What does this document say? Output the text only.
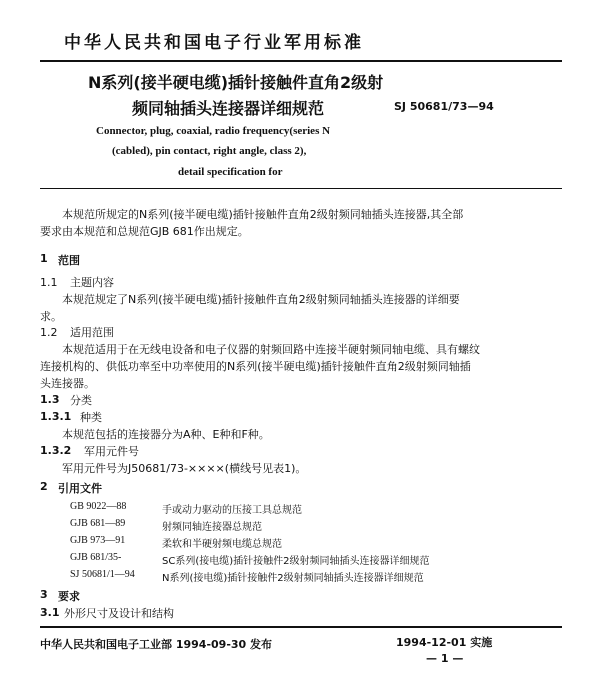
中华人民共和国电子行业军用标准
N系列(接半硬电缆)插针接触件直角2级射
频同轴插头连接器详细规范	SJ 50681/73—94
Connector, plug, coaxial, radio frequency(series N
(cabled), pin contact, right angle, class 2),
detail specification for
本规范所规定的N系列(接半硬电缆)插针接触件直角2级射频同轴插头连接器,其全部
要求由本规范和总规范GJB 681作出规定。
1 范围
1.1 主题内容
本规范规定了N系列(接半硬电缆)插针接触件直角2级射频同轴插头连接器的详细要
求。
1.2 适用范围
本规范适用于在无线电设备和电子仪器的射频回路中连接半硬射频同轴电缆、具有螺纹
连接机构的、供低功率至中功率使用的N系列(接半硬电缆)插针接触件直角2级射频同轴插
头连接器。
1.3 分类
1.3.1 种类
本规范包括的连接器分为A种、E种和F种。
1.3.2 军用元件号
军用元件号为J50681/73-××××(横线号见表1)。
2 引用文件
GB 9022—88	手或动力驱动的压接工具总规范
GJB 681—89	射频同轴连接器总规范
GJB 973—91	柔软和半硬射频电缆总规范
GJB 681/35-	SC系列(接电缆)插针接触件2级射频同轴插头连接器详细规范
SJ 50681/1—94	N系列(接电缆)插针接触件2级射频同轴插头连接器详细规范
3 要求
3.1 外形尺寸及设计和结构
中华人民共和国电子工业部 1994-09-30 发布	1994-12-01 实施
— 1 —
